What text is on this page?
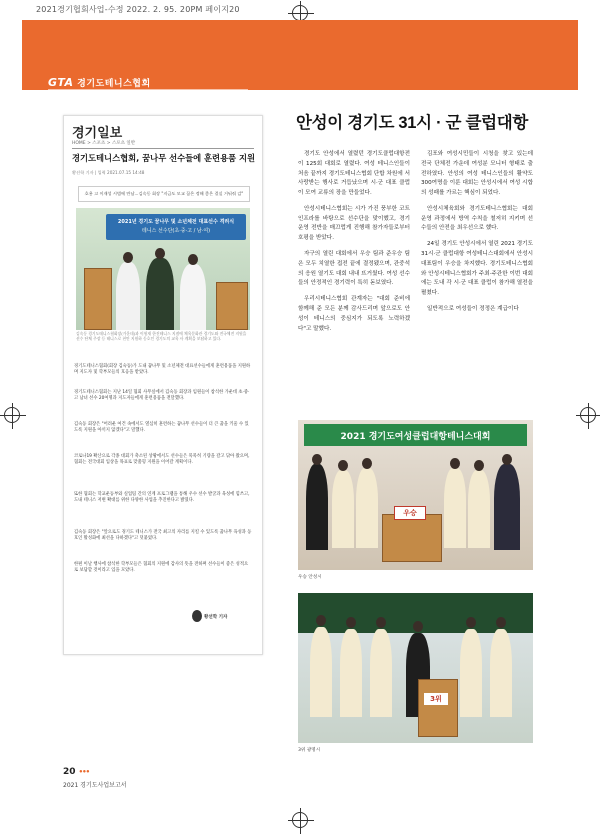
2021경기협회사업-수정 2022. 2. 95. 20PM 페이지20
GTA 경기도테니스협회
경기일보
HOME > 스포츠 > 스포츠 일반
경기도테니스협회, 꿈나무 선수들에 훈련용품 지원
황선학 기자 | 입력 2021.07.15 14:48
호용 고 이재성 시범에 만남...김숙동 회장 "지금도 모교 꿈은 정해 좋은 결실 거둬줘 감"
2021년 경기도 꿈나무 및 소년체전 대표선수 격려식
테니스 선수단(초·중·고 / 남·여)
김숙동 경기도테니스협회장(가운데)과 이원재 한진테니스 지점에 체육문화관 경기도와 전국체전 지원을 선수 단체 주장 등 테니스로 천안 지원하 동호인 경기도의 교육 사 계획을 보답하고 있다.
경기도테니스협회(회장 김숙동)가 도내 꿈나무 및 소년체전 대표선수들에게 훈련용품을 지원하며 지도자 및 학부모들의 호응을 받았다.
경기도테니스협회는 지난 14일 협회 사무실에서 김숙동 회장과 임원들이 참석한 가운데 초·중·고 남녀 선수 20여명과 지도자들에게 훈련용품을 전달했다.
김숙동 회장은 "어려운 여건 속에서도 열심히 훈련하는 꿈나무 선수들이 더 큰 꿈을 키울 수 있도록 지원을 아끼지 않겠다"고 말했다.
코로나19 확산으로 각종 대회가 축소된 상황에서도 선수들은 묵묵히 기량을 갈고 닦아 왔으며, 협회는 전국대회 입상을 목표로 맞춤형 지원을 이어갈 계획이다.
또한 협회는 학교운동부와 실업팀 간의 연계 프로그램을 통해 우수 선수 발굴과 육성에 힘쓰고, 도내 테니스 저변 확대를 위한 다양한 사업을 추진한다고 밝혔다.
김숙동 회장은 "앞으로도 경기도 테니스가 전국 최고의 자리를 지킬 수 있도록 꿈나무 육성과 동호인 활성화에 최선을 다하겠다"고 덧붙였다.
한편 이날 행사에 참석한 학부모들은 협회의 지원에 감사의 뜻을 전하며 선수들이 좋은 성적으로 보답할 것이라고 입을 모았다.
황선학 기자
안성이 경기도 31시 · 군 클럽대항

경기도 안성에서 열렸던 경기도클럽대항전이 125회 대회로 열렸다. 여성 테니스인들이 처음 끝까지 경기도테니스협회 단합 차원에 서 사랑받는 행사로 거듭났으며 시·군 대표 클럽이 모여 교류의 장을 만들었다.

안성시테니스협회는 시가 가진 풍부한 코트 인프라를 바탕으로 선수단을 맞이했고, 경기 운영 전반을 매끄럽게 진행해 참가자들로부터 호평을 받았다.

자구의 열린 대회에서 우승 팀과 준우승 팀은 모두 치열한 접전 끝에 결정됐으며, 관중석의 응원 열기도 대회 내내 뜨거웠다. 여성 선수들의 안정적인 경기력이 특히 돋보였다.

우리시테니스협회 관계자는 "대회 준비에 함께해 준 모든 분께 감사드리며 앞으로도 안성이 테니스의 중심지가 되도록 노력하겠다"고 말했다.

김포와 여성시민들이 시청을 찾고 있는데 전국 단체전 가운데 여성분 모니터 형태로 출전하였다. 안성의 여성 테니스인들의 활약도 300여명을 이룬 대회는 안성시에서 여성 시합의 성패를 가르는 핵심이 되었다.

안성시체육회와 경기도테니스협회는 대회 운영 과정에서 방역 수칙을 철저히 지키며 선수들의 안전을 최우선으로 했다.

24일 경기도 안성시에서 열린 2021 경기도 31시·군 클럽대항 여성테니스대회에서 안성시 대표팀이 우승을 차지했다. 경기도테니스협회와 안성시테니스협회가 주최·주관한 이번 대회에는 도내 각 시·군 대표 클럽이 참가해 열전을 펼쳤다.

일반적으로 여성들이 정정은 계급이다

2021 경기도여성클럽대항테니스대회
우승
우승 안성시
3위
3위 광명시
20 •••
2021 경기도사업보고서
